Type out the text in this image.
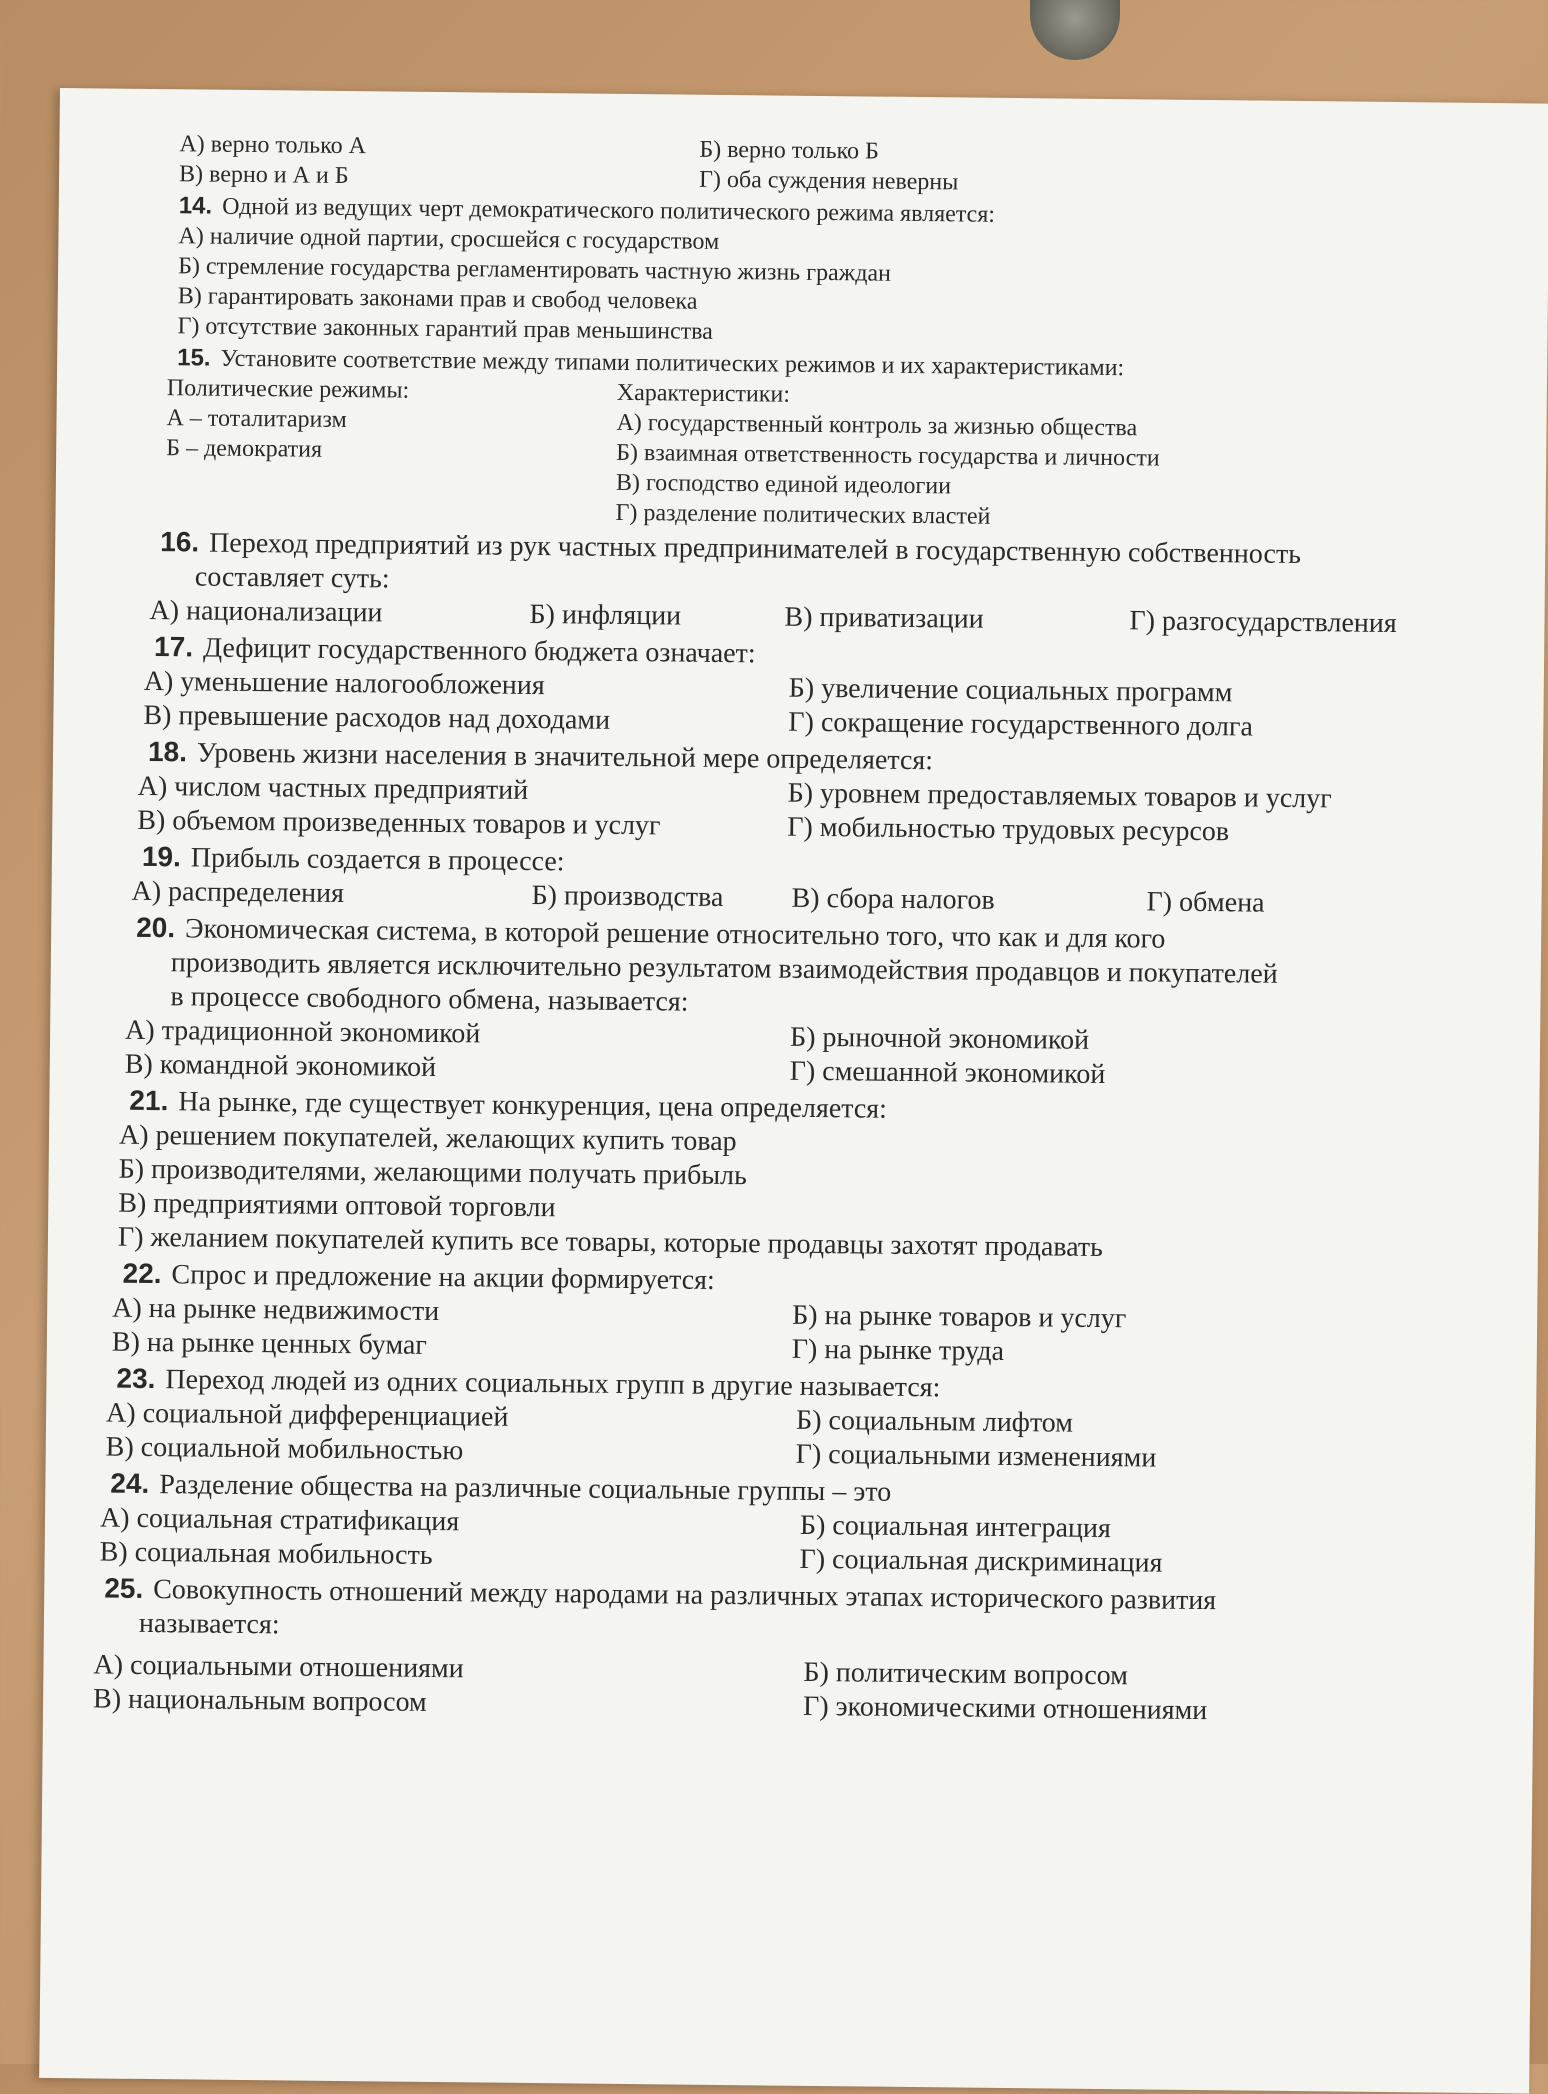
А) верно только А	Б) верно только Б
В) верно и А и Б	Г) оба суждения неверны
14. Одной из ведущих черт демократического политического режима является:
А) наличие одной партии, сросшейся с государством
Б) стремление государства регламентировать частную жизнь граждан
В) гарантировать законами прав и свобод человека
Г) отсутствие законных гарантий прав меньшинства
15. Установите соответствие между типами политических режимов и их характеристиками:
Политические режимы:
А – тоталитаризм
Б – демократия
Характеристики:
А) государственный контроль за жизнью общества
Б) взаимная ответственность государства и личности
В) господство единой идеологии
Г) разделение политических властей
16. Переход предприятий из рук частных предпринимателей в государственную собственность
составляет суть:
А) национализации	Б) инфляции	В) приватизации	Г) разгосударствления
17. Дефицит государственного бюджета означает:
А) уменьшение налогообложения	Б) увеличение социальных программ
В) превышение расходов над доходами	Г) сокращение государственного долга
18. Уровень жизни населения в значительной мере определяется:
А) числом частных предприятий	Б) уровнем предоставляемых товаров и услуг
В) объемом произведенных товаров и услуг	Г) мобильностью трудовых ресурсов
19. Прибыль создается в процессе:
А) распределения	Б) производства	В) сбора налогов	Г) обмена
20. Экономическая система, в которой решение относительно того, что как и для кого
производить является исключительно результатом взаимодействия продавцов и покупателей
в процессе свободного обмена, называется:
А) традиционной экономикой	Б) рыночной экономикой
В) командной экономикой	Г) смешанной экономикой
21. На рынке, где существует конкуренция, цена определяется:
А) решением покупателей, желающих купить товар
Б) производителями, желающими получать прибыль
В) предприятиями оптовой торговли
Г) желанием покупателей купить все товары, которые продавцы захотят продавать
22. Спрос и предложение на акции формируется:
А) на рынке недвижимости	Б) на рынке товаров и услуг
В) на рынке ценных бумаг	Г) на рынке труда
23. Переход людей из одних социальных групп в другие называется:
А) социальной дифференциацией	Б) социальным лифтом
В) социальной мобильностью	Г) социальными изменениями
24. Разделение общества на различные социальные группы – это
А) социальная стратификация	Б) социальная интеграция
В) социальная мобильность	Г) социальная дискриминация
25. Совокупность отношений между народами на различных этапах исторического развития
называется:
А) социальными отношениями	Б) политическим вопросом
В) национальным вопросом	Г) экономическими отношениями
